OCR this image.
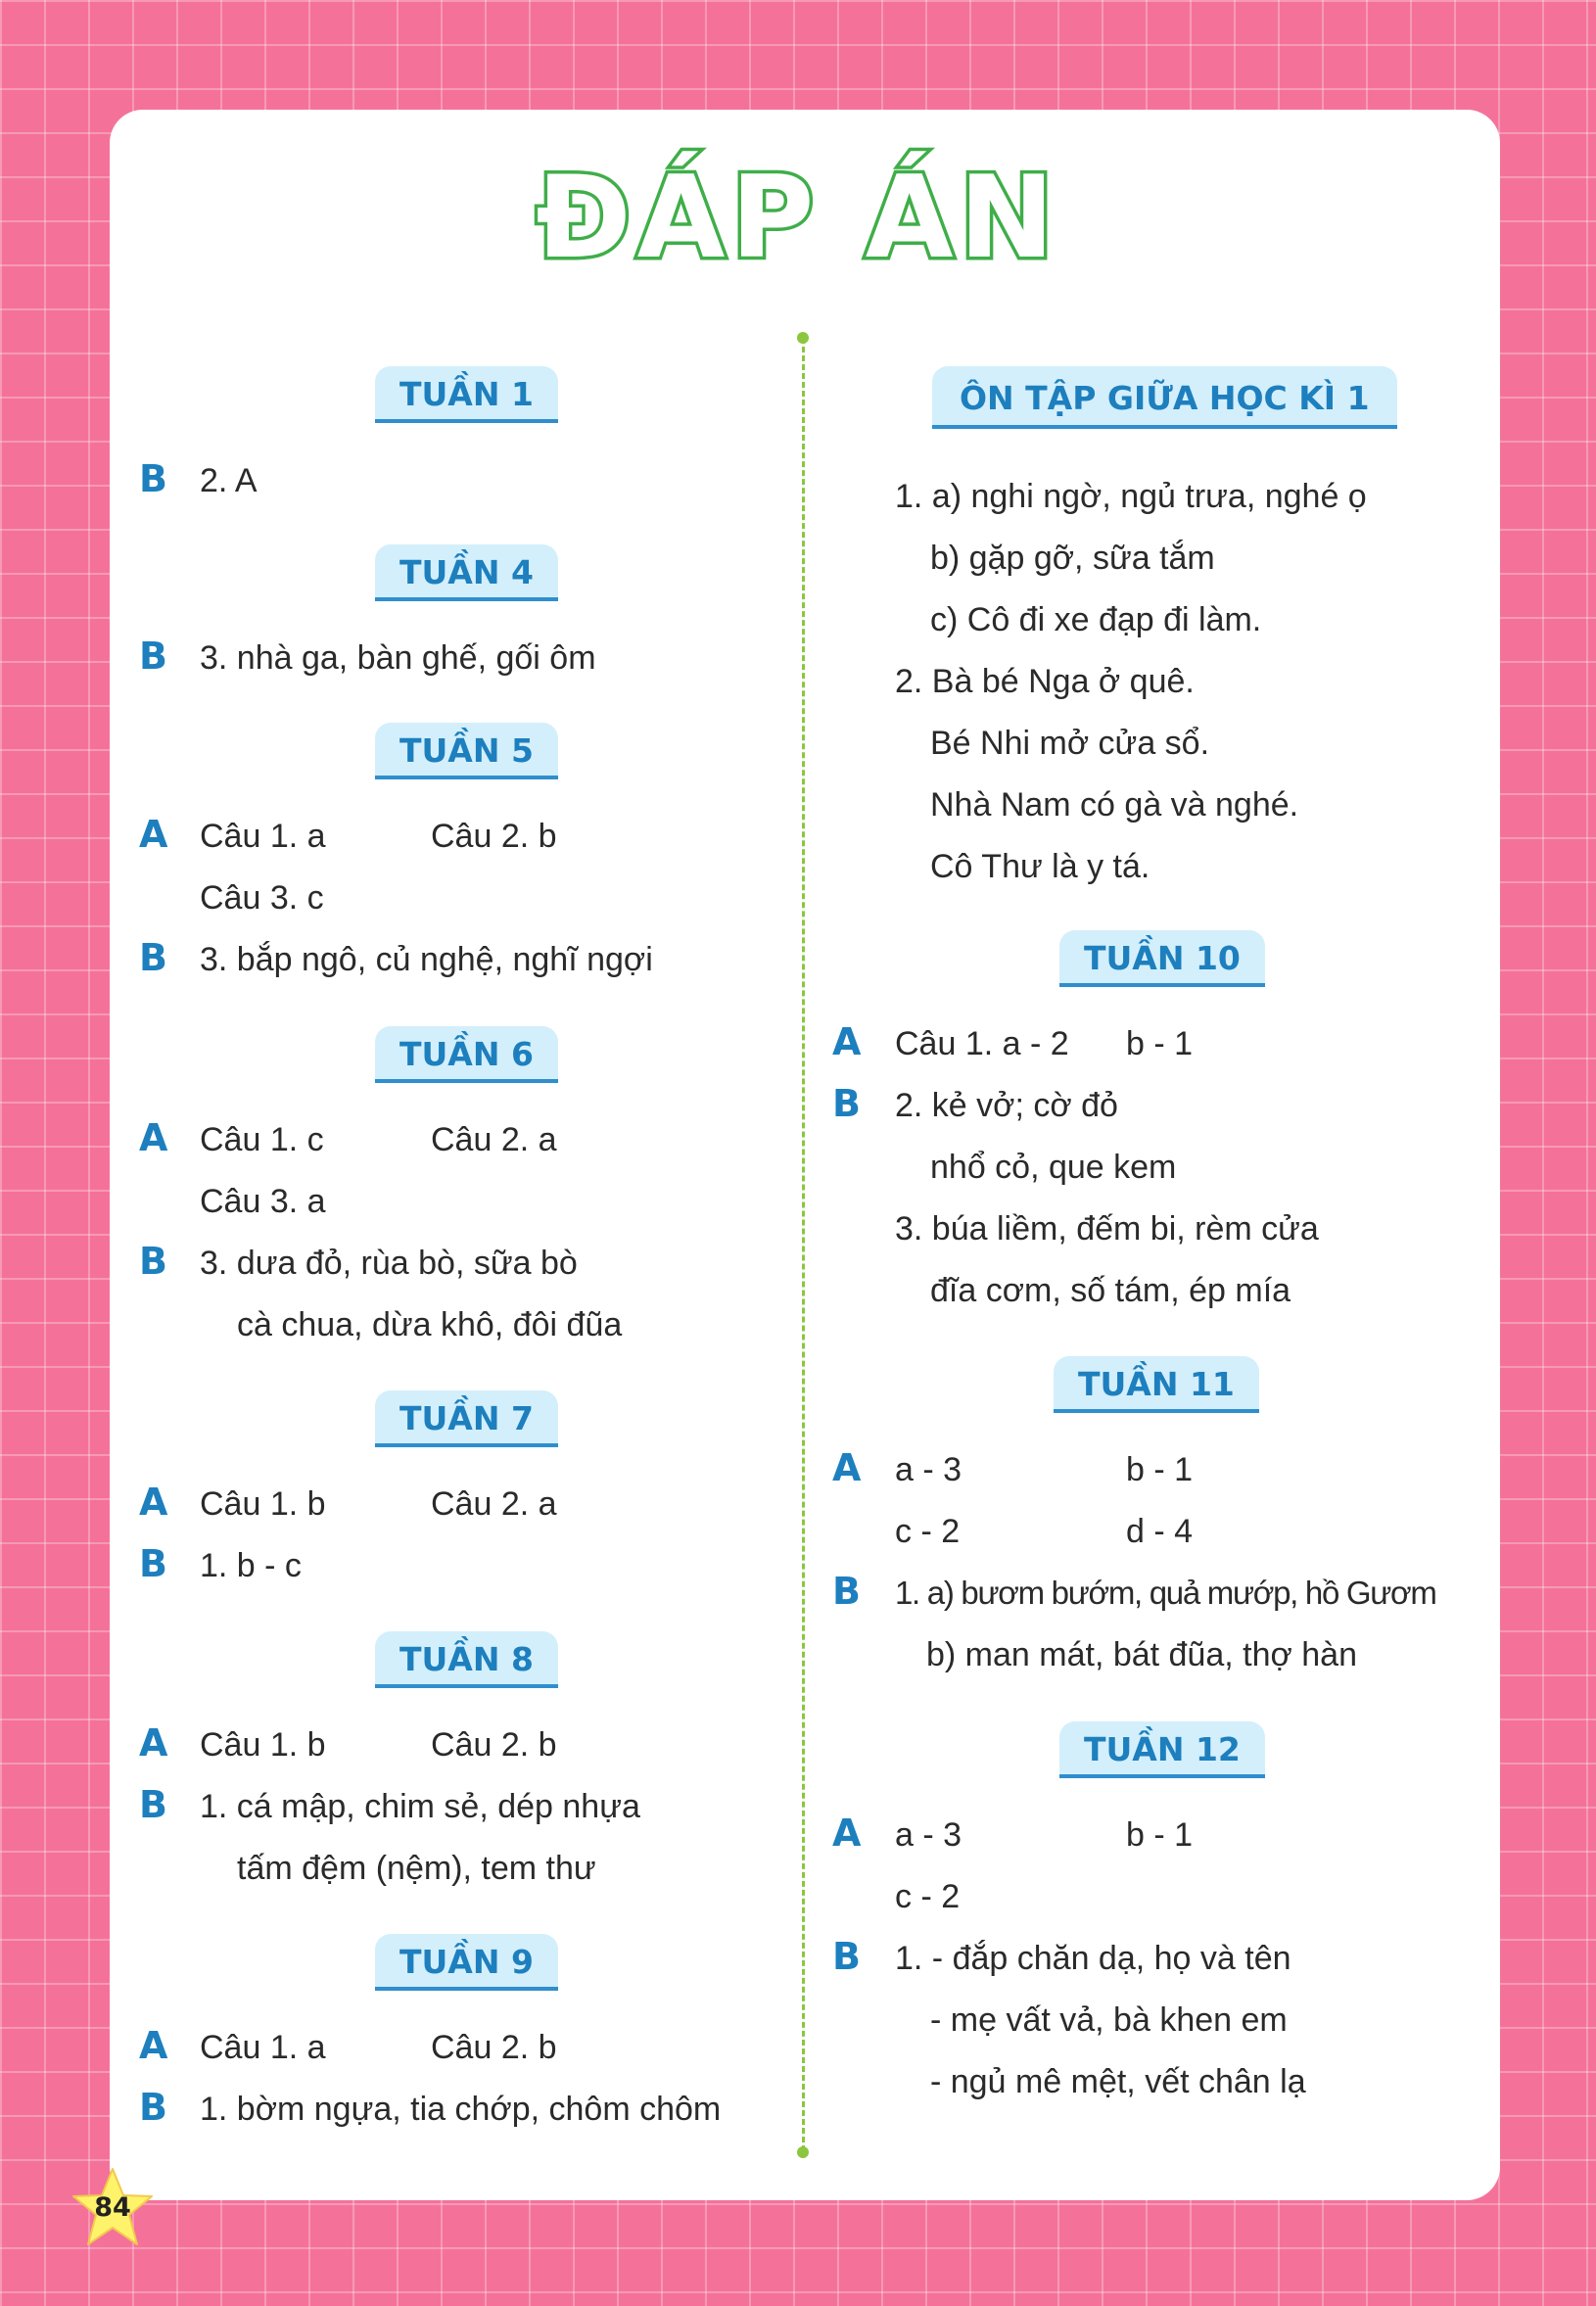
ĐÁP ÁN
TUẦN 1
B 2. A
TUẦN 4
B 3. nhà ga, bàn ghế, gối ôm
TUẦN 5
A Câu 1. a	Câu 2. b
Câu 3. c
B 3. bắp ngô, củ nghệ, nghĩ ngợi
TUẦN 6
A Câu 1. c	Câu 2. a
Câu 3. a
B 3. dưa đỏ, rùa bò, sữa bò
cà chua, dừa khô, đôi đũa
TUẦN 7
A Câu 1. b	Câu 2. a
B 1. b - c
TUẦN 8
A Câu 1. b	Câu 2. b
B 1. cá mập, chim sẻ, dép nhựa
tấm đệm (nệm), tem thư
TUẦN 9
A Câu 1. a	Câu 2. b
B 1. bờm ngựa, tia chớp, chôm chôm
ÔN TẬP GIỮA HỌC KÌ 1
1. a) nghi ngờ, ngủ trưa, nghé ọ
b) gặp gỡ, sữa tắm
c) Cô đi xe đạp đi làm.
2. Bà bé Nga ở quê.
Bé Nhi mở cửa sổ.
Nhà Nam có gà và nghé.
Cô Thư là y tá.
TUẦN 10
A Câu 1. a - 2 b - 1
B 2. kẻ vở; cờ đỏ
nhổ cỏ, que kem
3. búa liềm, đếm bi, rèm cửa
đĩa cơm, số tám, ép mía
TUẦN 11
A a - 3	b - 1
c - 2	d - 4
B 1. a) bươm bướm, quả mướp, hồ Gươm
b) man mát, bát đũa, thợ hàn
TUẦN 12
A a - 3	b - 1
c - 2
B 1. - đắp chăn dạ, họ và tên
- mẹ vất vả, bà khen em
- ngủ mê mệt, vết chân lạ
84
